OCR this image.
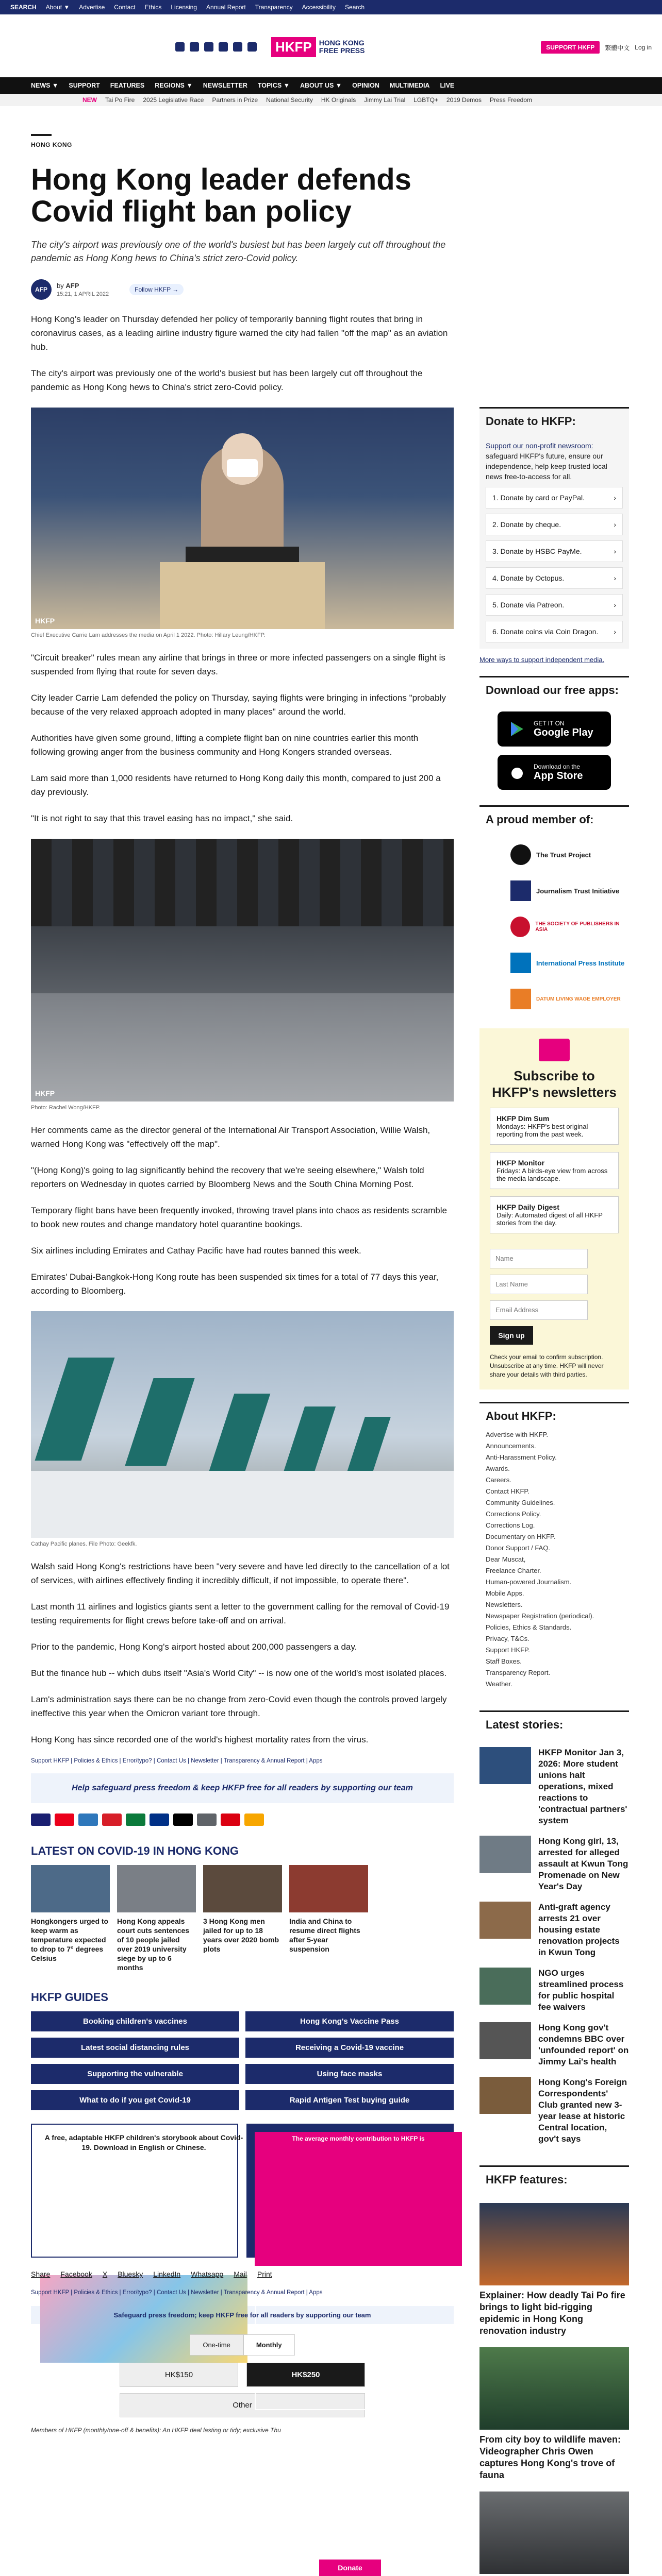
SEARCH About ▼ Advertise Contact Ethics Licensing Annual Report Transparency Accessibility Search
SUPPORT HKFP	繁體中文 Log in
HKFP	HONG KONG
FREE PRESS
NEWS ▼ SUPPORT FEATURES REGIONS ▼ NEWSLETTER TOPICS ▼ ABOUT US ▼ OPINION MULTIMEDIA LIVE
NEW Tai Po Fire 2025 Legislative Race Partners in Prize National Security HK Originals Jimmy Lai Trial LGBTQ+ 2019 Demos Press Freedom
HONG KONG
Hong Kong leader defends Covid flight ban policy

The city's airport was previously one of the world's busiest but has been largely cut off throughout the pandemic as Hong Kong hews to China's strict zero-Covid policy.

AFP	by AFP
15:21, 1 APRIL 2022
Follow HKFP →

Hong Kong's leader on Thursday defended her policy of temporarily banning flight routes that bring in coronavirus cases, as a leading airline industry figure warned the city had fallen "off the map" as an aviation hub.

The city's airport was previously one of the world's busiest but has been largely cut off throughout the pandemic as Hong Kong hews to China's strict zero-Covid policy.

HKFP
Chief Executive Carrie Lam addresses the media on April 1 2022. Photo: Hillary Leung/HKFP.

"Circuit breaker" rules mean any airline that brings in three or more infected passengers on a single flight is suspended from flying that route for seven days.

City leader Carrie Lam defended the policy on Thursday, saying flights were bringing in infections "probably because of the very relaxed approach adopted in many places" around the world.

Authorities have given some ground, lifting a complete flight ban on nine countries earlier this month following growing anger from the business community and Hong Kongers stranded overseas.

Lam said more than 1,000 residents have returned to Hong Kong daily this month, compared to just 200 a day previously.

"It is not right to say that this travel easing has no impact," she said.

HKFP
Photo: Rachel Wong/HKFP.

Her comments came as the director general of the International Air Transport Association, Willie Walsh, warned Hong Kong was "effectively off the map".

"(Hong Kong)'s going to lag significantly behind the recovery that we're seeing elsewhere," Walsh told reporters on Wednesday in quotes carried by Bloomberg News and the South China Morning Post.

Temporary flight bans have been frequently invoked, throwing travel plans into chaos as residents scramble to book new routes and change mandatory hotel quarantine bookings.

Six airlines including Emirates and Cathay Pacific have had routes banned this week.

Emirates' Dubai-Bangkok-Hong Kong route has been suspended six times for a total of 77 days this year, according to Bloomberg.

Cathay Pacific planes. File Photo: Geekfk.

Walsh said Hong Kong's restrictions have been "very severe and have led directly to the cancellation of a lot of services, with airlines effectively finding it incredibly difficult, if not impossible, to operate there".

Last month 11 airlines and logistics giants sent a letter to the government calling for the removal of Covid-19 testing requirements for flight crews before take-off and on arrival.

Prior to the pandemic, Hong Kong's airport hosted about 200,000 passengers a day.

But the finance hub -- which dubs itself "Asia's World City" -- is now one of the world's most isolated places.

Lam's administration says there can be no change from zero-Covid even though the controls proved largely ineffective this year when the Omicron variant tore through.

Hong Kong has since recorded one of the world's highest mortality rates from the virus.

Support HKFP | Policies & Ethics | Error/typo? | Contact Us | Newsletter | Transparency & Annual Report | Apps
Help safeguard press freedom & keep HKFP free for all readers by supporting our team
LATEST ON COVID-19 IN HONG KONG
Hongkongers urged to keep warm as temperature expected to drop to 7° degrees Celsius
Hong Kong appeals court cuts sentences of 10 people jailed over 2019 university siege by up to 6 months
3 Hong Kong men jailed for up to 18 years over 2020 bomb plots
India and China to resume direct flights after 5-year suspension
HKFP GUIDES
Booking children's vaccines	Hong Kong's Vaccine Pass
Latest social distancing rules	Receiving a Covid-19 vaccine
Supporting the vulnerable	Using face masks
What to do if you get Covid-19	Rapid Antigen Test buying guide
A free, adaptable HKFP children's storybook about Covid-19. Download in English or Chinese.
The average monthly contribution to HKFP is
HK$200
Donate an hour of salary each month, & keep Hong Kong's only independent English-language news outlet alive.
Donate
Share Facebook X Bluesky LinkedIn Whatsapp Mail Print
Support HKFP | Policies & Ethics | Error/typo? | Contact Us | Newsletter | Transparency & Annual Report | Apps
Safeguard press freedom; keep HKFP free for all readers by supporting our team
One-time	Monthly
HK$150	HK$250
Other
Members of HKFP (monthly/one-off & benefits): An HKFP deal lasting or tidy; exclusive Thu
Donate to HKFP:

Support our non-profit newsroom: safeguard HKFP's future, ensure our independence, help keep trusted local news free-to-access for all.

1. Donate by card or PayPal.	›
2. Donate by cheque.	›
3. Donate by HSBC PayMe.	›
4. Donate by Octopus.	›
5. Donate via Patreon.	›
6. Donate coins via Coin Dragon. ›
More ways to support independent media.
Download our free apps:
GET IT ON
Google Play
Download on the
App Store
A proud member of:
The Trust Project
Journalism Trust Initiative
THE SOCIETY OF PUBLISHERS IN ASIA
International Press Institute
DATUM LIVING WAGE EMPLOYER
Subscribe to HKFP's newsletters
HKFP Dim Sum
Mondays: HKFP's best original reporting from the past week.
HKFP Monitor
Fridays: A birds-eye view from across the media landscape.
HKFP Daily Digest
Daily: Automated digest of all HKFP stories from the day.
Name
Last Name
Email Address
Sign up

Check your email to confirm subscription. Unsubscribe at any time. HKFP will never share your details with third parties.

About HKFP:
Advertise with HKFP.
Announcements.
Anti-Harassment Policy.
Awards.
Careers.
Contact HKFP.
Community Guidelines.
Corrections Policy.
Corrections Log.
Documentary on HKFP.
Donor Support / FAQ.
Dear Muscat,
Freelance Charter.
Human-powered Journalism.
Mobile Apps.
Newsletters.
Newspaper Registration (periodical).
Policies, Ethics & Standards.
Privacy, T&Cs.
Support HKFP.
Staff Boxes.
Transparency Report.
Weather.
Latest stories:
HKFP Monitor Jan 3, 2026: More student unions halt operations, mixed reactions to 'contractual partners' system
Hong Kong girl, 13, arrested for alleged assault at Kwun Tong Promenade on New Year's Day
Anti-graft agency arrests 21 over housing estate renovation projects in Kwun Tong
NGO urges streamlined process for public hospital fee waivers
Hong Kong gov't condemns BBC over 'unfounded report' on Jimmy Lai's health
Hong Kong's Foreign Correspondents' Club granted new 3-year lease at historic Central location, gov't says
HKFP features:
Explainer: How deadly Tai Po fire brings to light bid-rigging epidemic in Hong Kong renovation industry
From city boy to wildlife maven: Videographer Chris Owen captures Hong Kong's trove of fauna
